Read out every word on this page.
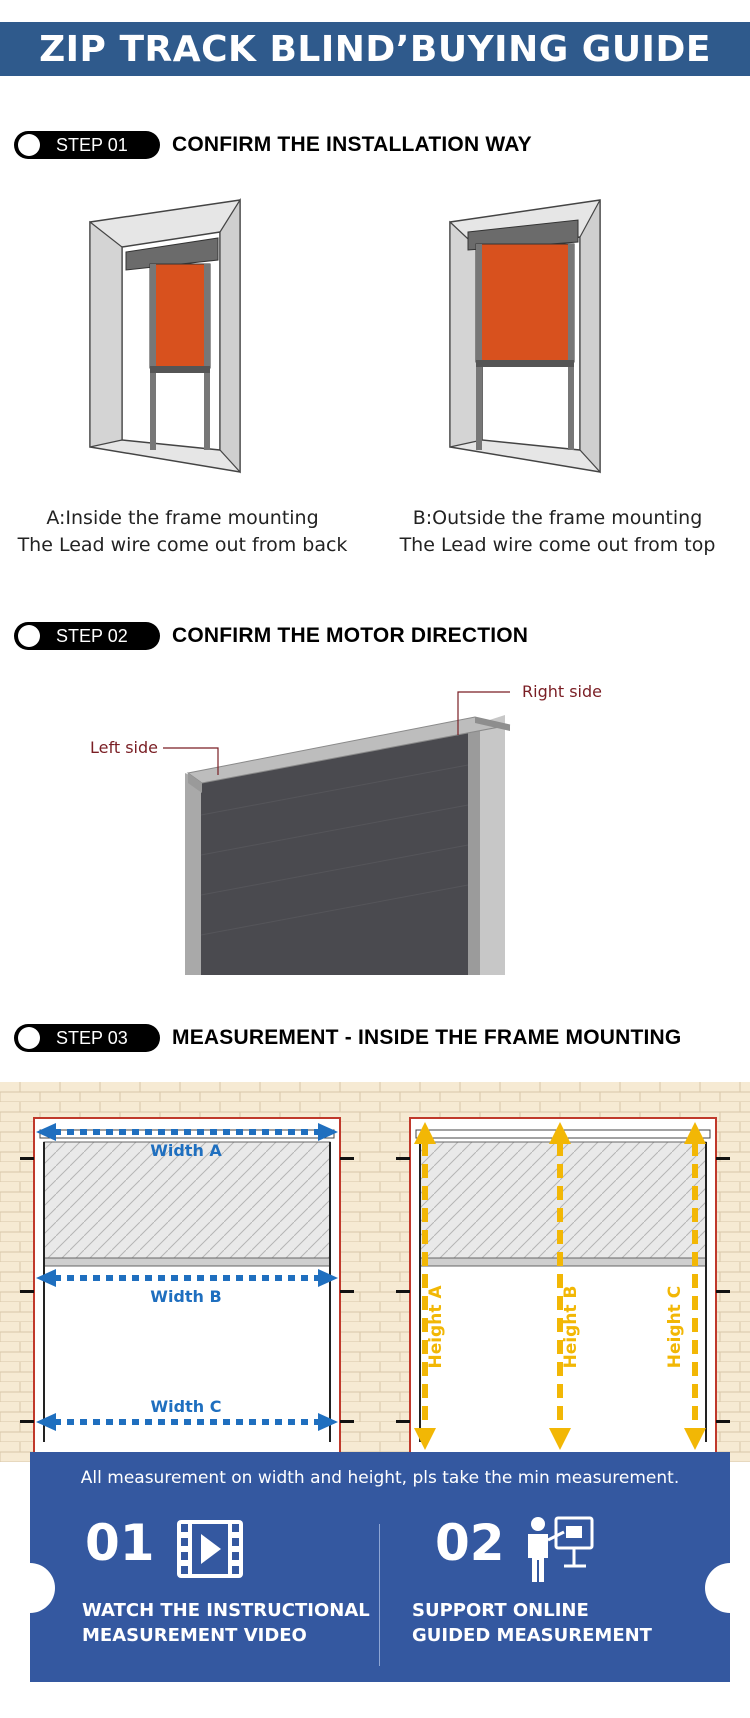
ZIP TRACK BLIND’BUYING GUIDE
STEP 01 CONFIRM THE INSTALLATION WAY
A:Inside the frame mounting
The Lead wire come out from back
B:Outside the frame mounting
The Lead wire come out from top
STEP 02 CONFIRM THE MOTOR DIRECTION
Left side
Right side
STEP 03 MEASUREMENT - INSIDE THE FRAME MOUNTING
Width A
Width B
Width C
Height A	Height B	Height C
All measurement on width and height, pls take the min measurement.
01
WATCH THE INSTRUCTIONAL
MEASUREMENT VIDEO
02
SUPPORT ONLINE
GUIDED MEASUREMENT
